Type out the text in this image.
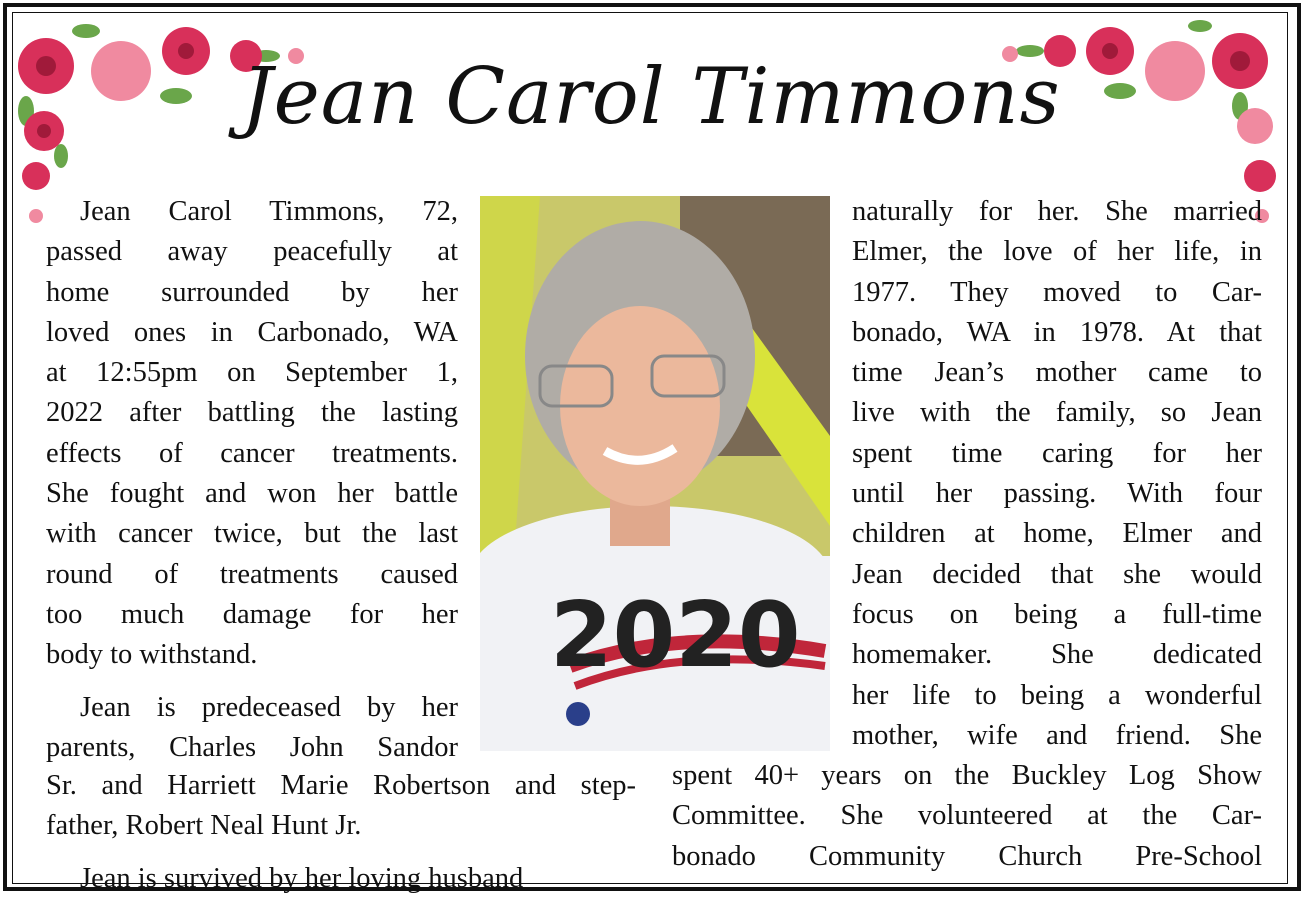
Jean Carol Timmons
Jean Carol Timmons, 72,
passed away peacefully at
home surrounded by her
loved ones in Carbonado, WA
at 12:55pm on September 1,
2022 after battling the lasting
effects of cancer treatments.
She fought and won her battle
with cancer twice, but the last
round of treatments caused
too much damage for her
body to withstand.
Jean is predeceased by her
parents, Charles John Sandor
Sr. and Harriett Marie Robertson and step-
father, Robert Neal Hunt Jr.
Jean is survived by her loving husband
naturally for her. She married
Elmer, the love of her life, in
1977. They moved to Car-
bonado, WA in 1978. At that
time Jean’s mother came to
live with the family, so Jean
spent time caring for her
until her passing. With four
children at home, Elmer and
Jean decided that she would
focus on being a full-time
homemaker. She dedicated
her life to being a wonderful
mother, wife and friend. She
spent 40+ years on the Buckley Log Show
Committee. She volunteered at the Car-
bonado Community Church Pre-School
2020
